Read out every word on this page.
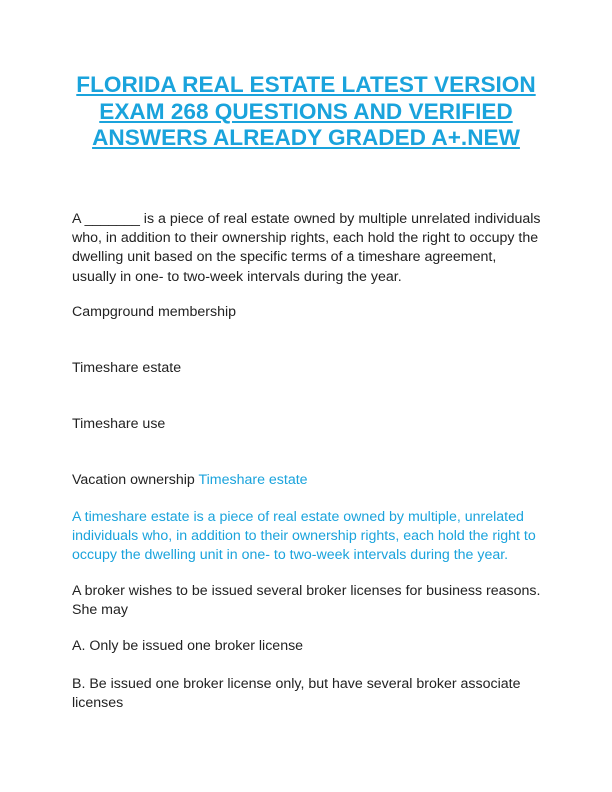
FLORIDA REAL ESTATE LATEST VERSION EXAM 268 QUESTIONS AND VERIFIED ANSWERS ALREADY GRADED A+.NEW

A _______ is a piece of real estate owned by multiple unrelated individuals who, in addition to their ownership rights, each hold the right to occupy the dwelling unit based on the specific terms of a timeshare agreement, usually in one- to two-week intervals during the year.

Campground membership

Timeshare estate

Timeshare use

Vacation ownership Timeshare estate

A timeshare estate is a piece of real estate owned by multiple, unrelated individuals who, in addition to their ownership rights, each hold the right to occupy the dwelling unit in one- to two-week intervals during the year.

A broker wishes to be issued several broker licenses for business reasons. She may

A. Only be issued one broker license

B. Be issued one broker license only, but have several broker associate licenses
